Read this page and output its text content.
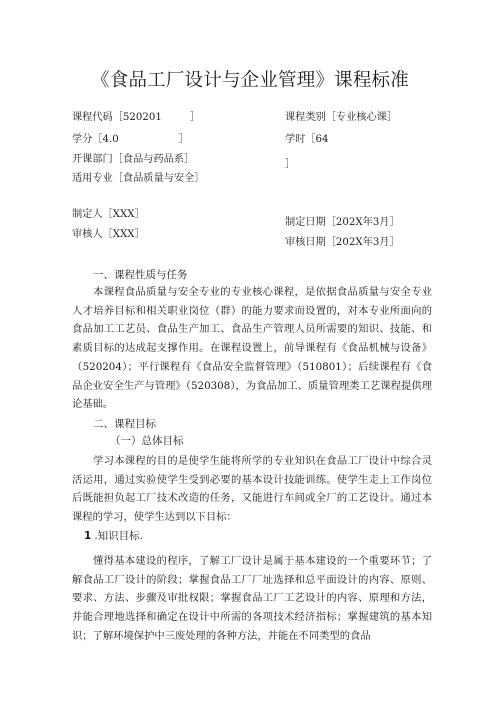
《食品工厂设计与企业管理》课程标准
课程代码［520201	］
学分［4.0	］
开课部门［食品与药品系］
适用专业［食品质量与安全］
制定人［XXX］
审核人［XXX］
课程类别［专业核心课］
学时［64
］
制定日期［202X年3月］
审核日期［202X年3月］
一、课程性质与任务
本课程食品质量与安全专业的专业核心课程，是依据食品质量与安全专业人才培养目标和相关职业岗位（群）的能力要求而设置的，对本专业所面向的食品加工工艺员、食品生产加工、食品生产管理人员所需要的知识、技能、和素质目标的达成起支撑作用。在课程设置上，前导课程有《食品机械与设备》（520204）；平行课程有《食品安全监督管理》（510801）；后续课程有《食品企业安全生产与管理》（520308），为食品加工、质量管理类工艺课程提供理论基础。
二、课程目标
（一）总体目标
学习本课程的目的是使学生能将所学的专业知识在食品工厂设计中综合灵活运用，通过实验使学生受到必要的基本设计技能训练。使学生走上工作岗位后既能担负起工厂技术改造的任务，又能进行车间或全厂的工艺设计。通过本课程的学习，使学生达到以下目标：
1 .知识目标.
懂得基本建设的程序，了解工厂设计是属于基本建设的一个重要环节；了解食品工厂设计的阶段；掌握食品工厂厂址选择和总平面设计的内容、原则、要求、方法、步骤及审批权限；掌握食品工厂工艺设计的内容、原理和方法，并能合理地选择和确定在设计中所需的各项技术经济指标；掌握建筑的基本知识；了解环境保护中三废处理的各种方法，并能在不同类型的食品
